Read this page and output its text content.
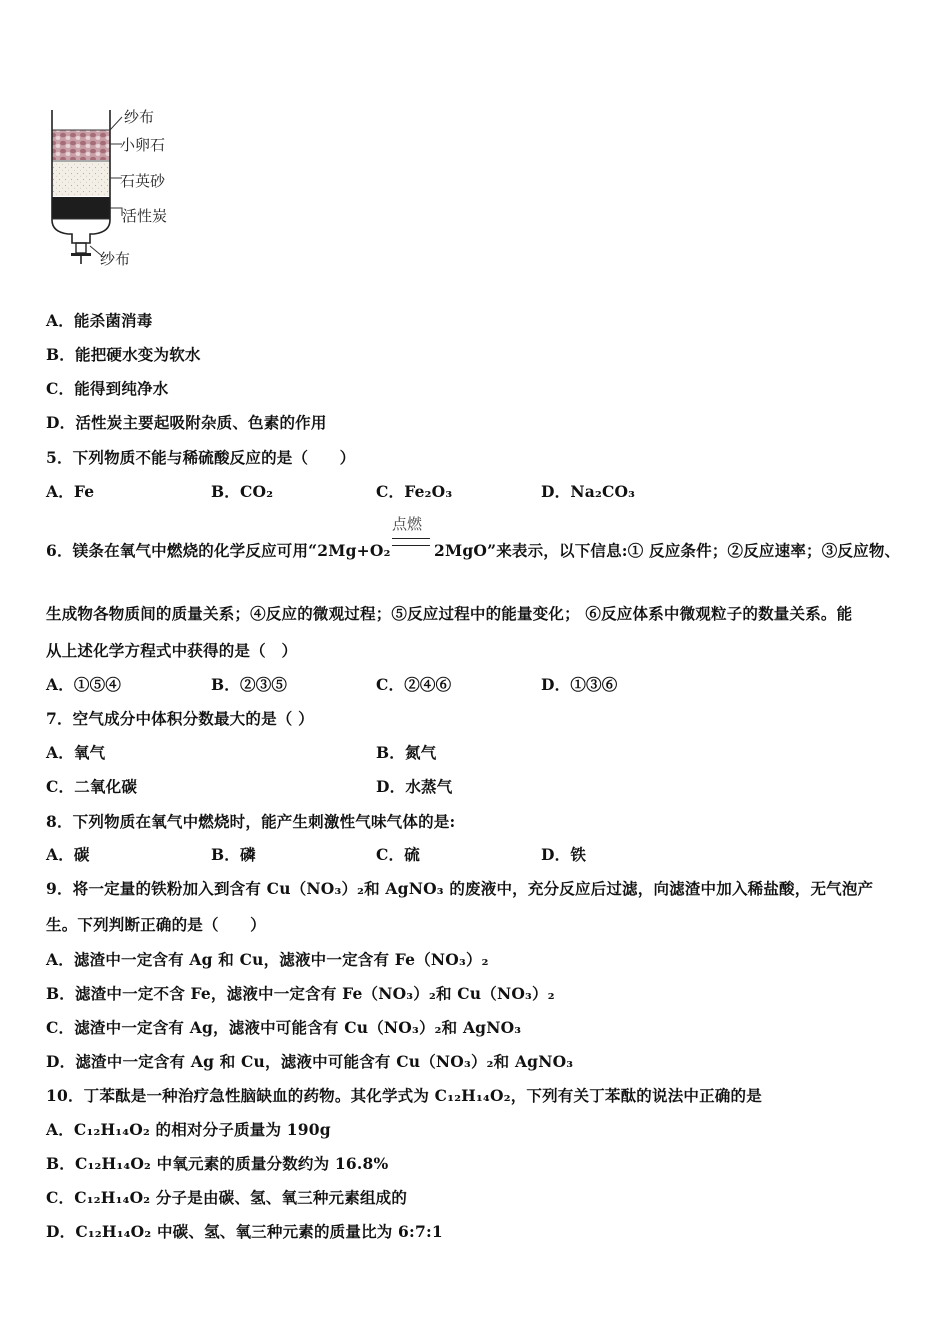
纱布
小卵石
石英砂
活性炭
纱布
A．能杀菌消毒
B．能把硬水变为软水
C．能得到纯净水
D．活性炭主要起吸附杂质、色素的作用
5．下列物质不能与稀硫酸反应的是（　　）
A．Fe	B．CO₂	C．Fe₂O₃	D．Na₂CO₃
点燃
6．镁条在氧气中燃烧的化学反应可用“2Mg+O₂	2MgO”来表示，以下信息:① 反应条件；②反应速率；③反应物、
生成物各物质间的质量关系；④反应的微观过程；⑤反应过程中的能量变化； ⑥反应体系中微观粒子的数量关系。能
从上述化学方程式中获得的是（　）
A．①⑤④	B．②③⑤	C．②④⑥	D．①③⑥
7．空气成分中体积分数最大的是（ ）
A．氧气	B．氮气
C．二氧化碳	D．水蒸气
8．下列物质在氧气中燃烧时，能产生刺激性气味气体的是:
A．碳	B．磷	C．硫	D．铁
9．将一定量的铁粉加入到含有 Cu（NO₃）₂和 AgNO₃ 的废液中，充分反应后过滤，向滤渣中加入稀盐酸，无气泡产
生。下列判断正确的是（　　）
A．滤渣中一定含有 Ag 和 Cu，滤液中一定含有 Fe（NO₃）₂
B．滤渣中一定不含 Fe，滤液中一定含有 Fe（NO₃）₂和 Cu（NO₃）₂
C．滤渣中一定含有 Ag，滤液中可能含有 Cu（NO₃）₂和 AgNO₃
D．滤渣中一定含有 Ag 和 Cu，滤液中可能含有 Cu（NO₃）₂和 AgNO₃
10．丁苯酞是一种治疗急性脑缺血的药物。其化学式为 C₁₂H₁₄O₂，下列有关丁苯酞的说法中正确的是
A．C₁₂H₁₄O₂ 的相对分子质量为 190g
B．C₁₂H₁₄O₂ 中氧元素的质量分数约为 16.8%
C．C₁₂H₁₄O₂ 分子是由碳、氢、氧三种元素组成的
D．C₁₂H₁₄O₂ 中碳、氢、氧三种元素的质量比为 6:7:1
